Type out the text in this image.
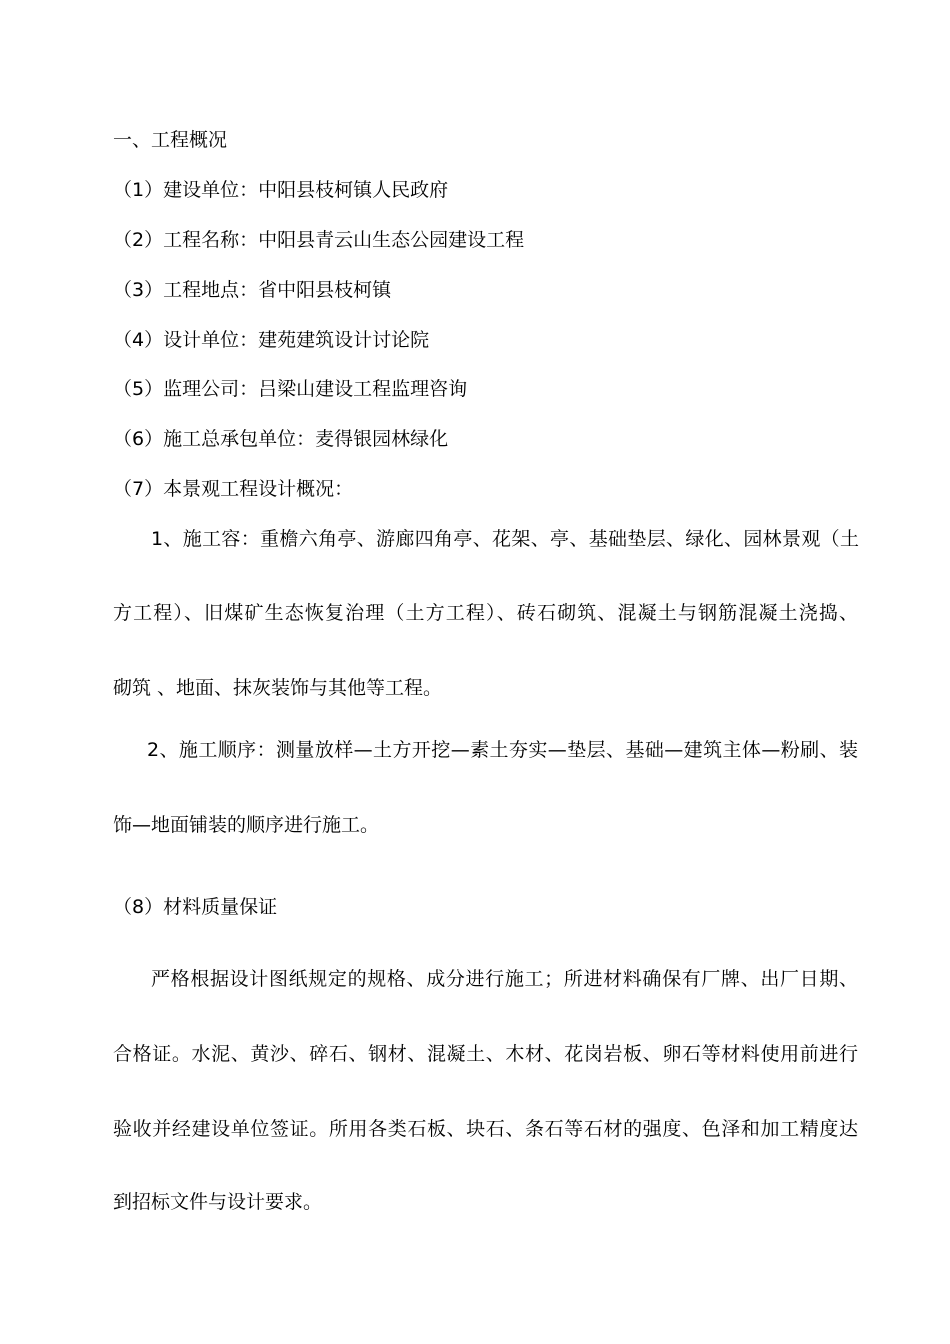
一、工程概况
（1）建设单位：中阳县枝柯镇人民政府
（2）工程名称：中阳县青云山生态公园建设工程
（3）工程地点：省中阳县枝柯镇
（4）设计单位：建苑建筑设计讨论院
（5）监理公司：吕梁山建设工程监理咨询
（6）施工总承包单位：麦得银园林绿化
（7）本景观工程设计概况：
1、施工容：重檐六角亭、游廊四角亭、花架、亭、基础垫层、绿化、园林景观（土
方工程）、旧煤矿生态恢复治理（土方工程）、砖石砌筑、混凝土与钢筋混凝土浇捣、
砌筑 、地面、抹灰装饰与其他等工程。
2、施工顺序：测量放样—土方开挖—素土夯实—垫层、基础—建筑主体—粉刷、装
饰—地面铺装的顺序进行施工。
（8）材料质量保证
严格根据设计图纸规定的规格、成分进行施工；所进材料确保有厂牌、出厂日期、
合格证。水泥、黄沙、碎石、钢材、混凝土、木材、花岗岩板、卵石等材料使用前进行
验收并经建设单位签证。所用各类石板、块石、条石等石材的强度、色泽和加工精度达
到招标文件与设计要求。
